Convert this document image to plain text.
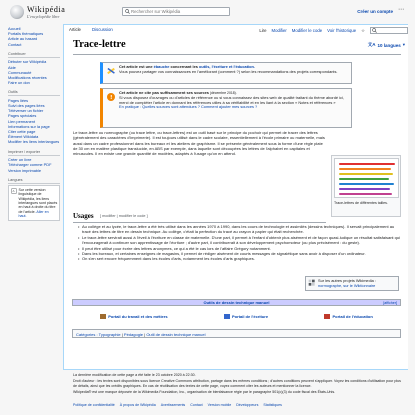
Wikipédia
L'encyclopédie libre
Rechercher sur Wikipédia
Créer un compte ⋯
Accueil
Portails thématiques
Article au hasard
Contact
Contribuer
Débuter sur Wikipédia
Aide
Communauté
Modifications récentes
Faire un don
Outils
Pages liées
Suivi des pages liées
Téléverser un fichier
Pages spéciales
Lien permanent
Informations sur la page
Citer cette page
Élément Wikidata
Modifier les liens interlangues
Imprimer / exporter
Créer un livre
Télécharger comme PDF
Version imprimable
Langues
A Sur cette version linguistique de Wikipédia, les liens interlangues sont placés en haut à droite du titre de l'article. Aller en haut.
Article	Discussion	Lire Modifier Modifier le code Voir l'historique ☆
Trace-lettre	文A 10 langues ▾
Cet article est une ébauche concernant les outils, l'écriture et l'éducation.
Vous pouvez partager vos connaissances en l'améliorant (comment ?) selon les recommandations des projets correspondants.
!
Cet article ne cite pas suffisamment ses sources (décembre 2018).
Si vous disposez d'ouvrages ou d'articles de référence ou si vous connaissez des sites web de qualité traitant du thème abordé ici, merci de compléter l'article en donnant les références utiles à sa vérifiabilité et en les liant à la section « Notes et références »
En pratique : Quelles sources sont attendues ? Comment ajouter mes sources ?

Le trace-lettre ou normographe (ou trace lettre, ou trace-lettres) est un outil basé sur le principe du pochoir qui permet de tracer des lettres (généralement des caractères d'imprimerie). Il est toujours utilisé dans le cadre scolaire, essentiellement à l'école primaire ou maternelle, mais aussi dans un cadre professionnel dans les bureaux et les ateliers de graphisme. Il se présente généralement sous la forme d'une règle plate de 30 cm en matière plastique translucide, en ABS par exemple, dans laquelle sont découpées les lettres de l'alphabet en capitales et minuscules. Il en existe une grande quantité de modèles, adaptés à l'usage qu'on en attend.

Trace-lettres de différentes tailles.
Usages [ modifier | modifier le code ]
• Au collège et au lycée, le trace-lettre a été très utilisé dans les années 1970 à 1990, dans les cours de technologie et assimilés (dessins techniques). Il servait principalement au tracé des lettres de titre en dessin technique. Au collège, c'était la perfection du tracé au crayon à papier qui était recherchée.
• Le trace-lettre servirait aussi à l'éveil à l'écriture en classe de maternelle. D'une part, il permet à l'enfant d'obtenir plus aisément et de façon quasi-ludique un résultat satisfaisant qui l'encouragerait à continuer son apprentissage de l'écriture ; d'autre part, il contribuerait à son développement psychomoteur (ou plus précisément : du geste).
• Il peut être utilisé pour écrire des lettres anonymes, ce qui a été le cas lors de l'affaire Grégory notamment.
• Dans les bureaux, et certaines enseignes de magasins, il permet de rédiger aisément de courts messages de signalétique sans avoir à disposer d'un ordinateur.
• On s'en sert encore fréquemment dans les écoles d'arts, notamment les écoles d'arts graphiques.
Sur les autres projets Wikimedia :
normographe, sur le Wiktionnaire
Outils de dessin technique manuel	[afficher]
Portail du travail et des métiers	Portail de l'écriture	Portail de l'éducation
Catégories : Typographie | Pédagogie | Outil de dessin technique manuel

La dernière modification de cette page a été faite le 23 octobre 2020 à 22:30.

Droit d'auteur : les textes sont disponibles sous licence Creative Commons attribution, partage dans les mêmes conditions ; d'autres conditions peuvent s'appliquer. Voyez les conditions d'utilisation pour plus de détails, ainsi que les crédits graphiques. En cas de réutilisation des textes de cette page, voyez comment citer les auteurs et mentionner la licence.

Wikipedia® est une marque déposée de la Wikimedia Foundation, Inc., organisation de bienfaisance régie par le paragraphe 501(c)(3) du code fiscal des États-Unis.

Politique de confidentialité À propos de Wikipédia Avertissements Contact Version mobile Développeurs Statistiques
